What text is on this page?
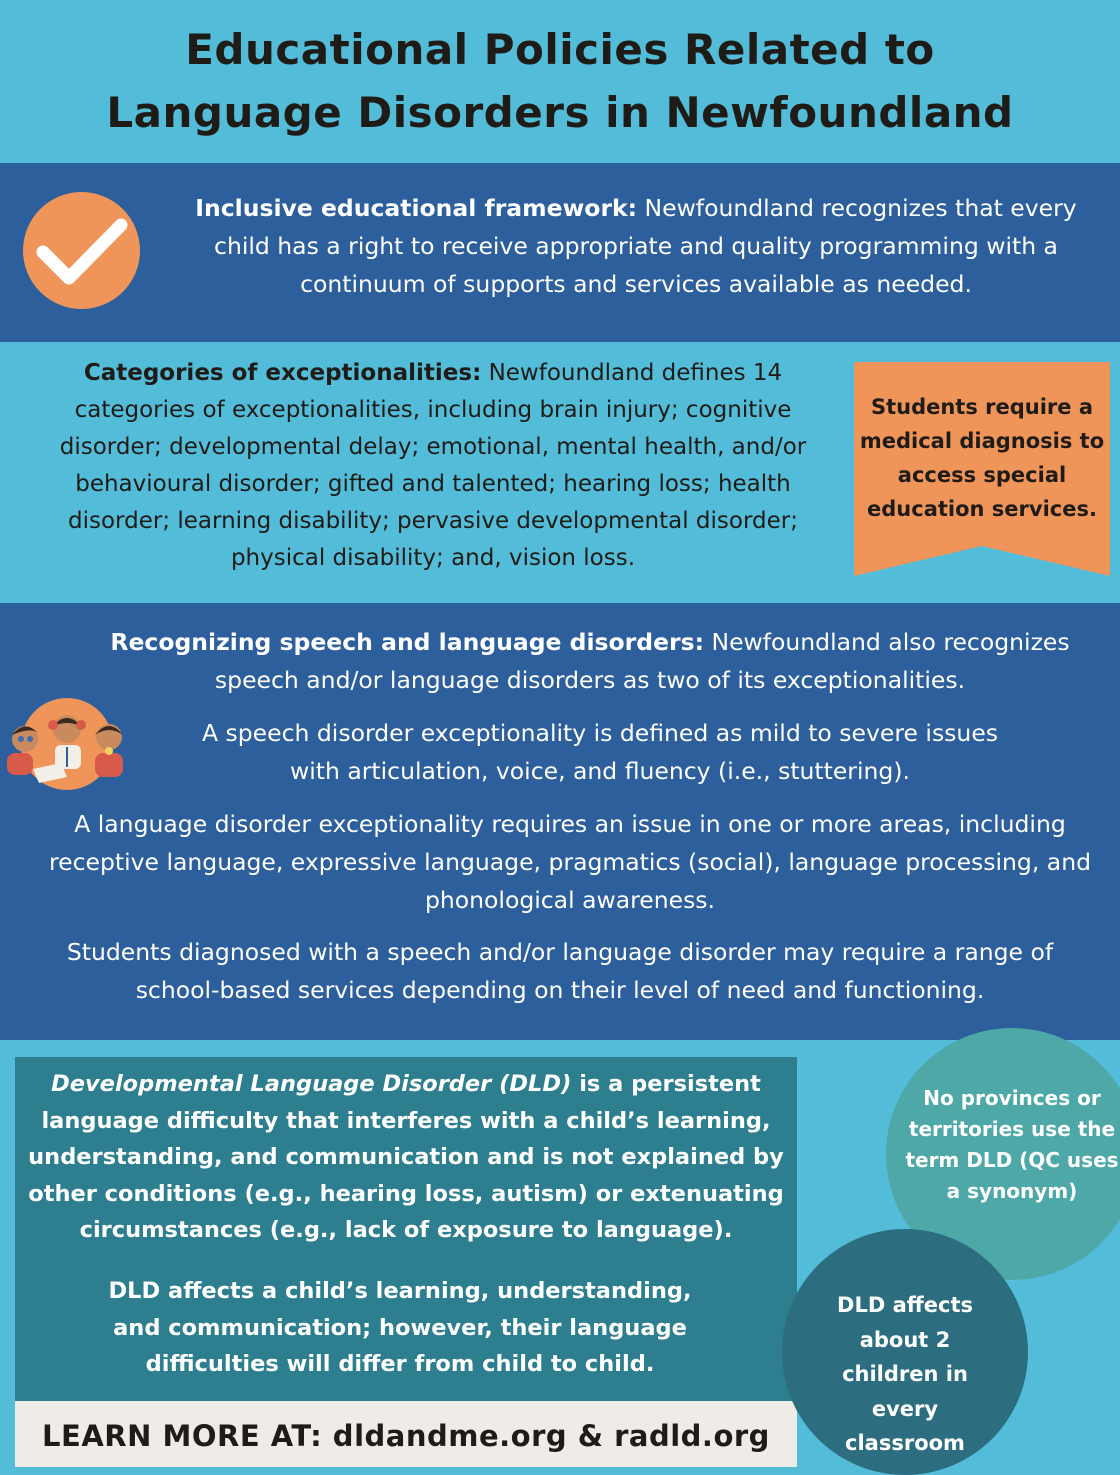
Educational Policies Related to
Language Disorders in Newfoundland

Inclusive educational framework: Newfoundland recognizes that every child has a right to receive appropriate and quality programming with a continuum of supports and services available as needed.

Categories of exceptionalities: Newfoundland defines 14 categories of exceptionalities, including brain injury; cognitive disorder; developmental delay; emotional, mental health, and/or behavioural disorder; gifted and talented; hearing loss; health disorder; learning disability; pervasive developmental disorder; physical disability; and, vision loss.

Students require a medical diagnosis to access special education services.

Recognizing speech and language disorders: Newfoundland also recognizes speech and/or language disorders as two of its exceptionalities.

A speech disorder exceptionality is defined as mild to severe issues with articulation, voice, and fluency (i.e., stuttering).

A language disorder exceptionality requires an issue in one or more areas, including receptive language, expressive language, pragmatics (social), language processing, and phonological awareness.

Students diagnosed with a speech and/or language disorder may require a range of school-based services depending on their level of need and functioning.

Developmental Language Disorder (DLD) is a persistent language difficulty that interferes with a child’s learning, understanding, and communication and is not explained by other conditions (e.g., hearing loss, autism) or extenuating circumstances (e.g., lack of exposure to language).

DLD affects a child’s learning, understanding, and communication; however, their language difficulties will differ from child to child.

LEARN MORE AT: dldandme.org & radld.org

No provinces or territories use the term DLD (QC uses a synonym)

DLD affects about 2 children in every classroom
